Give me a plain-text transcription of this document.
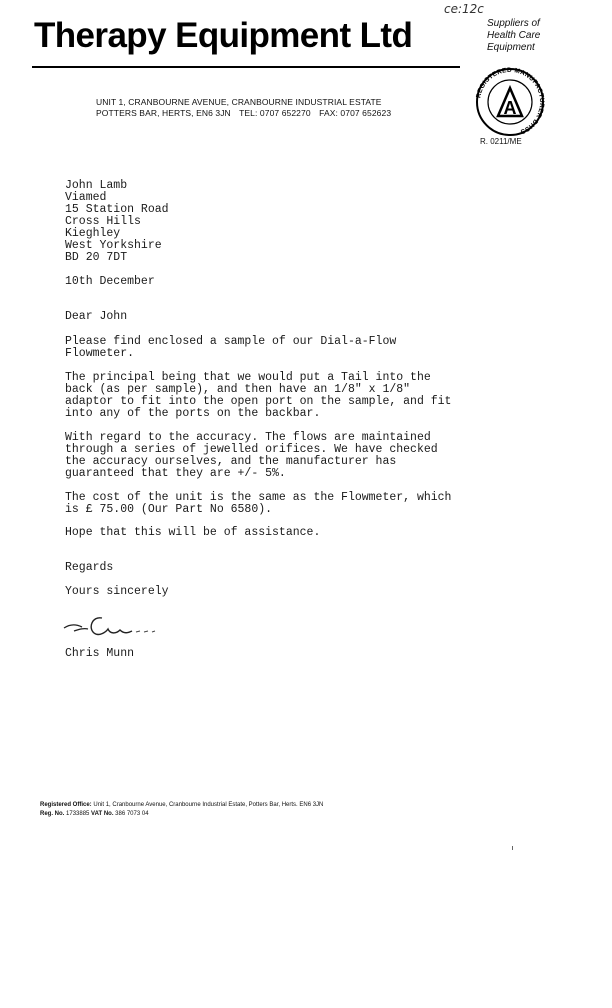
Therapy Equipment Ltd
ce:12c
Suppliers of
Health Care
Equipment
UNIT 1, CRANBOURNE AVENUE, CRANBOURNE INDUSTRIAL ESTATE
POTTERS BAR, HERTS, EN6 3JN TEL: 0707 652270 FAX: 0707 652623
REGISTERED MANUFACTURER DHSS
A
R. 0211/ME
John Lamb
Viamed
15 Station Road
Cross Hills
Kieghley
West Yorkshire
BD 20 7DT
10th December
Dear John
Please find enclosed a sample of our Dial-a-Flow
Flowmeter.
The principal being that we would put a Tail into the
back (as per sample), and then have an 1/8" x 1/8"
adaptor to fit into the open port on the sample, and fit
into any of the ports on the backbar.
With regard to the accuracy. The flows are maintained
through a series of jewelled orifices. We have checked
the accuracy ourselves, and the manufacturer has
guaranteed that they are +/- 5%.
The cost of the unit is the same as the Flowmeter, which
is £ 75.00 (Our Part No 6580).
Hope that this will be of assistance.
Regards
Yours sincerely
Chris Munn
Registered Office: Unit 1, Cranbourne Avenue, Cranbourne Industrial Estate, Potters Bar, Herts. EN6 3JN
Reg. No. 1733885 VAT No. 386 7073 04
